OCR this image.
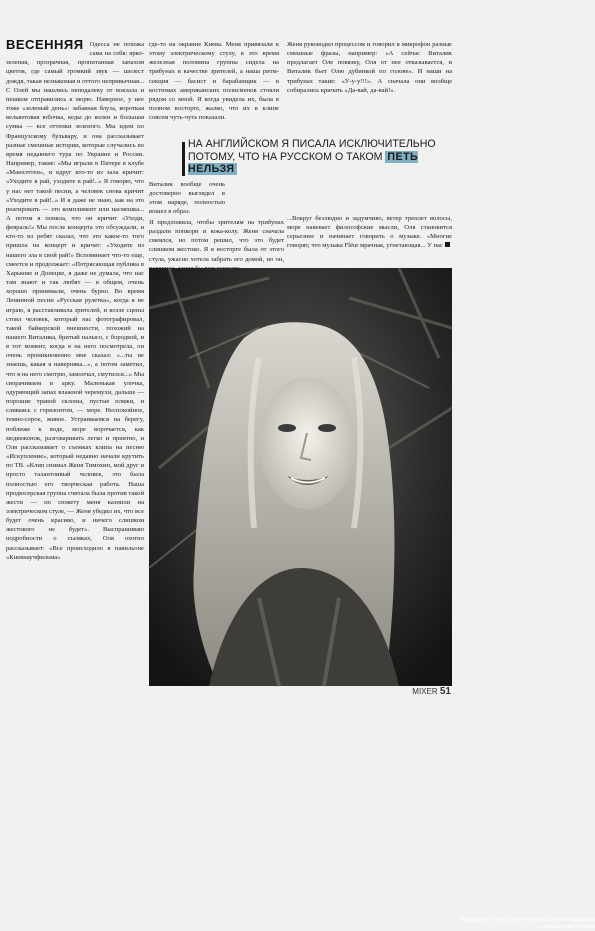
ВЕСЕННЯЯ Одесса не похожа сама на себя: ярко-зеленая, прозрачная, пропитанная запахом цветов, где самый громкий звук — шелест дождя, такая незнакомая и оттого непривычная... С Олей мы нашлись неподалеку от вокзала и пешком отправились к морю. Наверное, у нее тоже «зеленый день»: забавная блуза, короткая вельветовая юбочка, кеды до колен и большая сумка — все оттенки зеленого. Мы идем по Французскому бульвару, и она рассказывает разные смешные истории, которые случались во время недавнего тура по Украине и России. Например, такие: «Мы играли в Питере в клубе «Манхэттен», и вдруг кто-то из зала кричит: «Уходите в рай, уходите в рай!..» Я говорю, что у нас нет такой песни, а человек снова кричит «Уходите в рай!..» И я даже не знаю, как на это реагировать — это комплимент или насмешка... А потом я поняла, что он кричит «Уходи, февраль!» Мы после концерта это обсуждали, и кто-то из ребят сказал, что это какое-то того пришла на концерт и кричат: «Уходите из нашего зла в свой рай!» Вспоминает что-то еще, смеется и продолжает: «Потрясающая публика в Харькове и Донецке, я даже не думала, что нас там знают и так любят — в общем, очень хорошо принимали, очень бурно. Во время Ленинной песни «Русская рулетка», когда я не играю, я расставливала зрителей, и возле сцены стоял человек, который нас фотографировал, такой байкерской внешности, похожий на нашего Виталика, бритый налысо, с бородкой, и в тот момент, когда я на него посмотрела, он очень проникновенно мне сказал: «...ты не знаешь, какая я наверняка...», а потом заметил, что я на него смотрю, замолчал, смутился...» Мы сворачиваем в арку. Маленькая улочка, одуряющий запах влажной черемухи, дальше — порошие травой склоны, пустые пляжи, и сливаясь с горизонтом, — море. Неспокойное, темно-серое, живое. Устраиваемся на берегу, поближе к воде, море ворочается, как медвежонок, разговаривать легко и приятно, и Оля рассказывает о съемках клипа на песню «Искупление», который недавно начали крутить по ТВ. «Клип снимал Женя Тимохин, мой друг и просто талантливый человек, это была полностью его творческая работа. Наша продюсерская группа считала была против такой жести — по сюжету меня казнили на электрическом стуле, — Женя убедил их, что все будет очень красиво, и ничего слишком жестокого не будет». Выспрашиваю подробности о съемках, Оля охотно рассказывает: «Все происходило в павильоне «Киевнаучфильма»

где-то на окраине Киева. Меня привязали к этому электрическому стулу, в это время железная половина группы сидела на трибунах в качестве зрителей, а наша ритм-секция — басист и барабанщик — в костюмах американских полисменов стояли рядом со мной. Я когда увидела их, была в полном восторге, жалко, что их в клипе совсем чуть-чуть показали.

Женя руководил процессом и говорил в микрофон разные смешные фразы, например: «А сейчас Виталик предлагает Оле повязку, Оля от нее отказывается, и Виталик бьет Олю дубинкой по голове». И наши на трибунах такие: «У-у-у!!!». А сначала они вообще собирались кричать «Да-вай, да-вай!».

НА АНГЛИЙСКОМ Я ПИСАЛА ИСКЛЮЧИТЕЛЬНО ПОТОМУ, ЧТО НА РУССКОМ О ТАКОМ ПЕТЬ НЕЛЬЗЯ

Виталик вообще очень достоверно выглядел в этом наряде, полностью вошел в образ.

Я предложила, чтобы зрителям на трибунах раздали попкорн и кока-колу. Женя сначала смеялся, но потом решил, что это будет слишком жестоко. Я в восторге была от этого стула, ужасно хотела забрать его домой, но он,

...Вокруг безлюдно и задумчиво, ветер треплет волосы, море навевает философские мысли, Оля становится серьезнее и начинает говорить о музыке. «Многие говорят, что музыка Flёur мрачная, угнетающая... У нас

Камуфляж Лене идет не меньше, чем воздушные концертные платья
MIXER 51
